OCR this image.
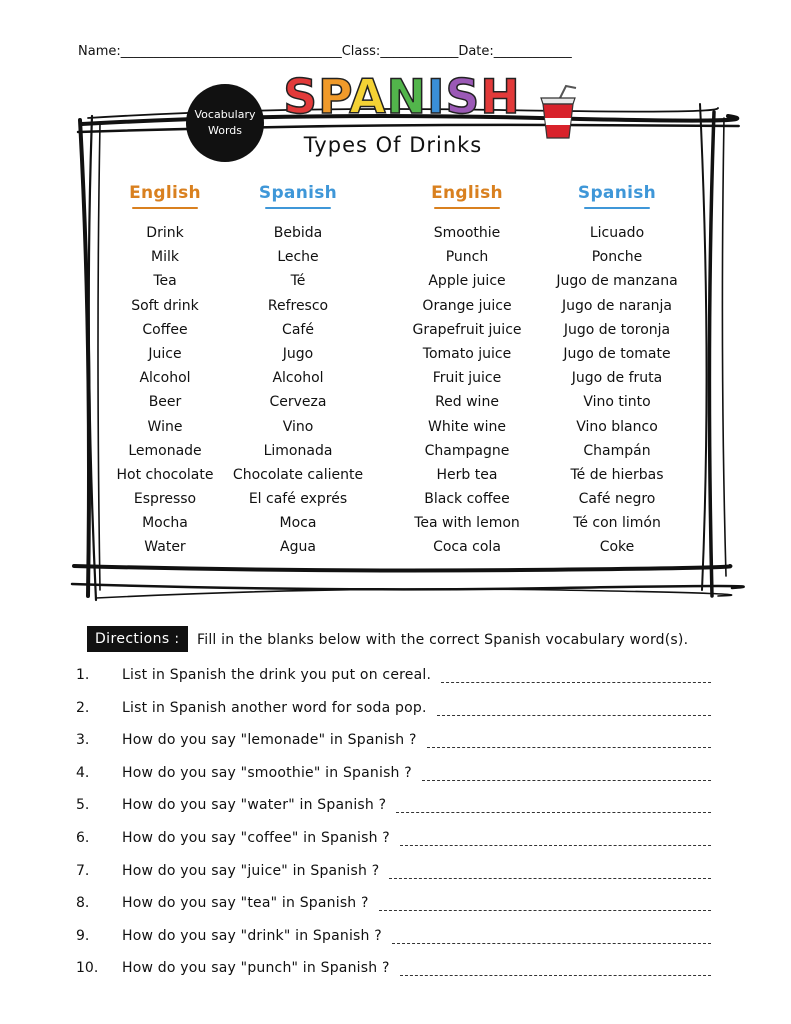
Name:__________________________________Class:____________Date:____________
Vocabulary
Words
SPANISH
Types Of Drinks
English
Drink
Milk
Tea
Soft drink
Coffee
Juice
Alcohol
Beer
Wine
Lemonade
Hot chocolate
Espresso
Mocha
Water
Spanish
Bebida
Leche
Té
Refresco
Café
Jugo
Alcohol
Cerveza
Vino
Limonada
Chocolate caliente
El café exprés
Moca
Agua
English
Smoothie
Punch
Apple juice
Orange juice
Grapefruit juice
Tomato juice
Fruit juice
Red wine
White wine
Champagne
Herb tea
Black coffee
Tea with lemon
Coca cola
Spanish
Licuado
Ponche
Jugo de manzana
Jugo de naranja
Jugo de toronja
Jugo de tomate
Jugo de fruta
Vino tinto
Vino blanco
Champán
Té de hierbas
Café negro
Té con limón
Coke
Directions :	Fill in the blanks below with the correct Spanish vocabulary word(s).
1. List in Spanish the drink you put on cereal.
2. List in Spanish another word for soda pop.
3. How do you say "lemonade" in Spanish ?
4. How do you say "smoothie" in Spanish ?
5. How do you say "water" in Spanish ?
6. How do you say "coffee" in Spanish ?
7. How do you say "juice" in Spanish ?
8. How do you say "tea" in Spanish ?
9. How do you say "drink" in Spanish ?
10. How do you say "punch" in Spanish ?
